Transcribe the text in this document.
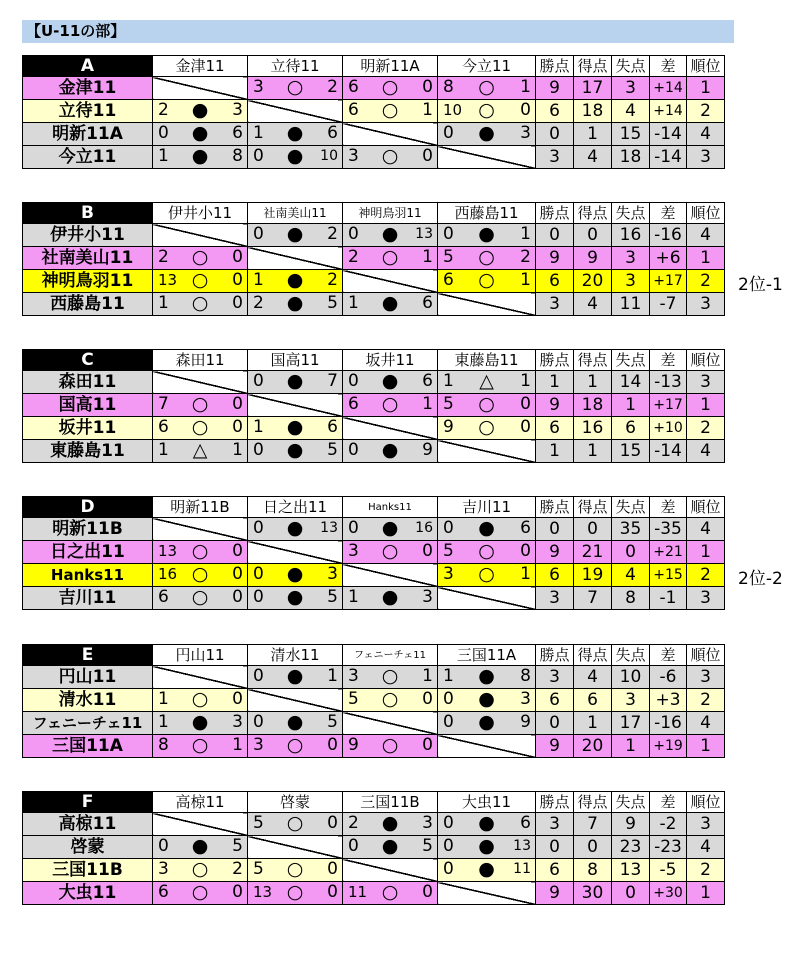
【U-11の部】
A	金津11	立待11	明新11A	今立11	勝点	得点	失点	差	順位
金津11		3 ○ 2	6 ○ 0	8 ○ 1	9	17	3	+14	1
立待11	2 ● 3		6 ○ 1	10 ○ 0	6	18	4	+14	2
明新11A	0 ● 6	1 ● 6		0 ● 3	0	1	15	-14	4
今立11	1 ● 8	0 ● 10	3 ○ 0		3	4	18	-14	3
B	伊井小11	社南美山11	神明鳥羽11	西藤島11	勝点	得点	失点	差	順位
伊井小11		0 ● 2	0 ● 13	0 ● 1	0	0	16	-16	4
社南美山11	2 ○ 0		2 ○ 1	5 ○ 2	9	9	3	+6	1
神明鳥羽11	13 ○ 0	1 ● 2		6 ○ 1	6	20	3	+17	2
西藤島11	1 ○ 0	2 ● 5	1 ● 6		3	4	11	-7	3
2位-1
C	森田11	国高11	坂井11	東藤島11	勝点	得点	失点	差	順位
森田11		0 ● 7	0 ● 6	1 △ 1	1	1	14	-13	3
国高11	7 ○ 0		6 ○ 1	5 ○ 0	9	18	1	+17	1
坂井11	6 ○ 0	1 ● 6		9 ○ 0	6	16	6	+10	2
東藤島11	1 △ 1	0 ● 5	0 ● 9		1	1	15	-14	4
D	明新11B	日之出11	Hanks11	吉川11	勝点	得点	失点	差	順位
明新11B		0 ● 13	0 ● 16	0 ● 6	0	0	35	-35	4
日之出11	13 ○ 0		3 ○ 0	5 ○ 0	9	21	0	+21	1
Hanks11	16 ○ 0	0 ● 3		3 ○ 1	6	19	4	+15	2
吉川11	6 ○ 0	0 ● 5	1 ● 3		3	7	8	-1	3
2位-2
E	円山11	清水11	フェニーチェ11	三国11A	勝点	得点	失点	差	順位
円山11		0 ● 1	3 ○ 1	1 ● 8	3	4	10	-6	3
清水11	1 ○ 0		5 ○ 0	0 ● 3	6	6	3	+3	2
フェニーチェ11	1 ● 3	0 ● 5		0 ● 9	0	1	17	-16	4
三国11A	8 ○ 1	3 ○ 0	9 ○ 0		9	20	1	+19	1
F	高椋11	啓蒙	三国11B	大虫11	勝点	得点	失点	差	順位
高椋11		5 ○ 0	2 ● 3	0 ● 6	3	7	9	-2	3
啓蒙	0 ● 5		0 ● 5	0 ● 13	0	0	23	-23	4
三国11B	3 ○ 2	5 ○ 0		0 ● 11	6	8	13	-5	2
大虫11	6 ○ 0	13 ○ 0	11 ○ 0		9	30	0	+30	1
